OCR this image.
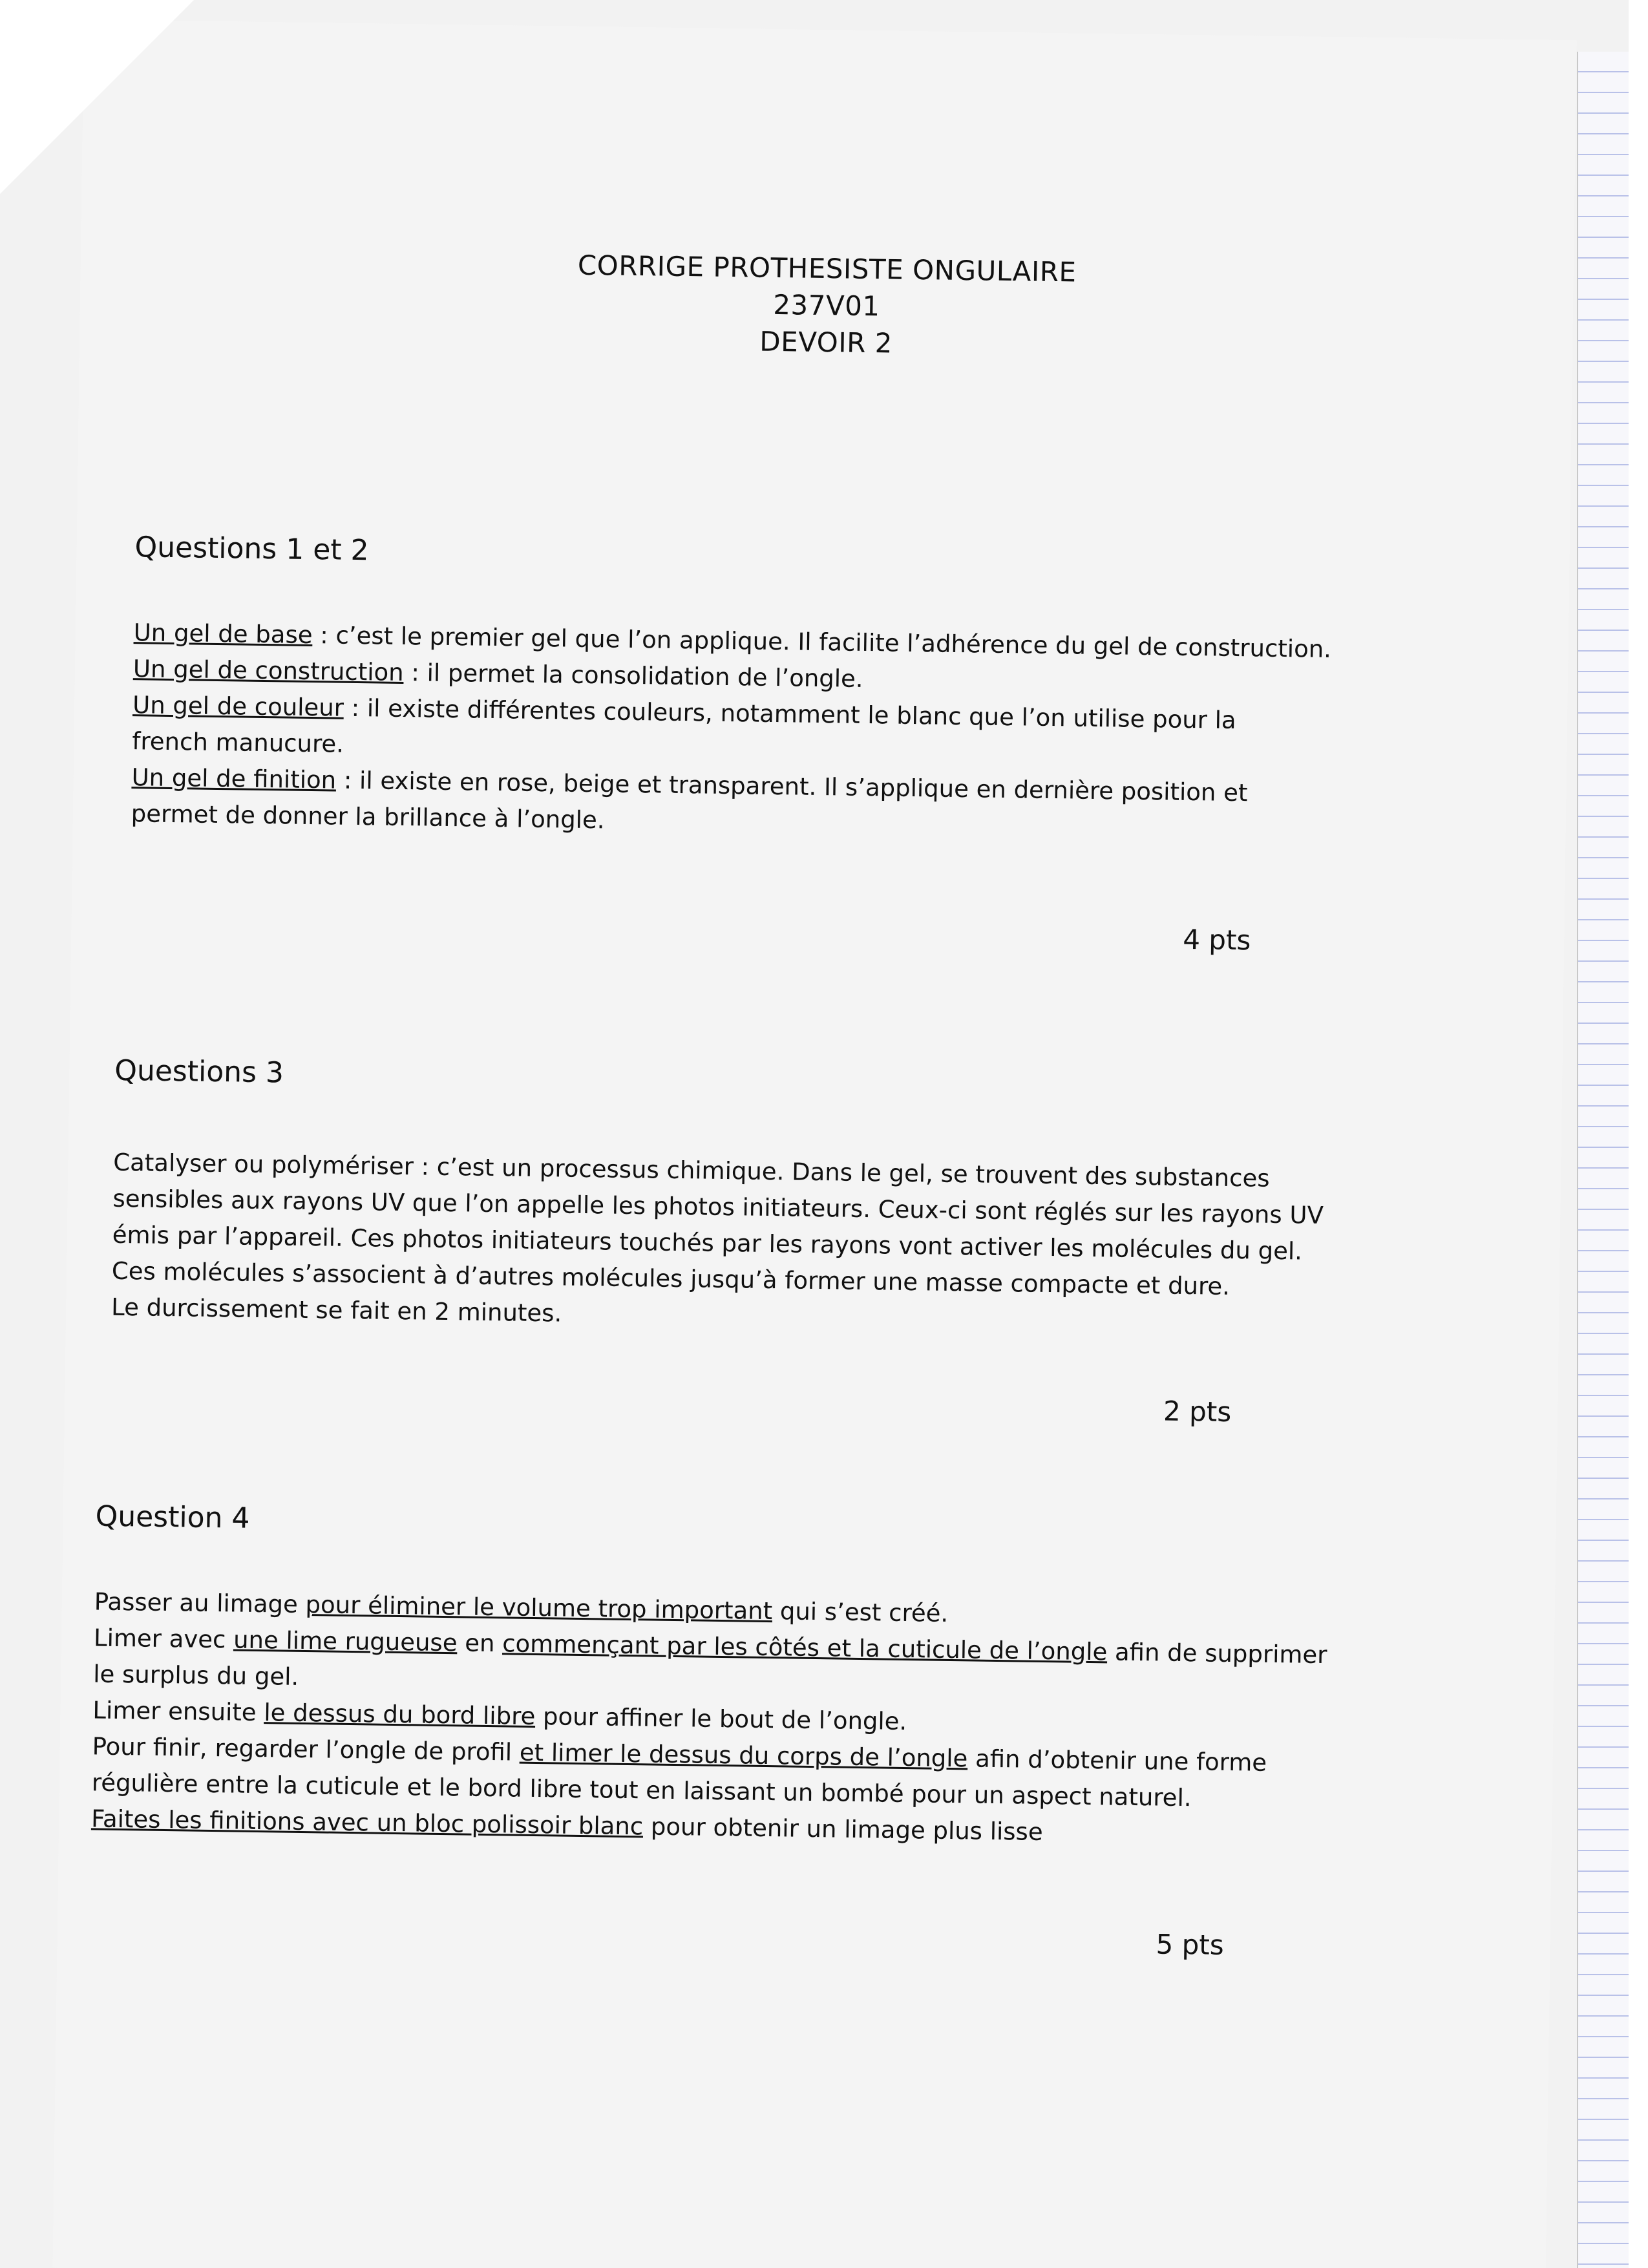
CORRIGE PROTHESISTE ONGULAIRE
237V01
DEVOIR 2
Questions 1 et 2

Un gel de base : c’est le premier gel que l’on applique. Il facilite l’adhérence du gel de construction.

Un gel de construction : il permet la consolidation de l’ongle.

Un gel de couleur : il existe différentes couleurs, notamment le blanc que l’on utilise pour la french manucure.

Un gel de finition : il existe en rose, beige et transparent. Il s’applique en dernière position et permet de donner la brillance à l’ongle.

4 pts
Questions 3

Catalyser ou polymériser : c’est un processus chimique. Dans le gel, se trouvent des substances

sensibles aux rayons UV que l’on appelle les photos initiateurs. Ceux-ci sont réglés sur les rayons UV

émis par l’appareil. Ces photos initiateurs touchés par les rayons vont activer les molécules du gel.

Ces molécules s’associent à d’autres molécules jusqu’à former une masse compacte et dure.

Le durcissement se fait en 2 minutes.

2 pts
Question 4

Passer au limage pour éliminer le volume trop important qui s’est créé.

Limer avec une lime rugueuse en commençant par les côtés et la cuticule de l’ongle afin de supprimer

le surplus du gel.

Limer ensuite le dessus du bord libre pour affiner le bout de l’ongle.

Pour finir, regarder l’ongle de profil et limer le dessus du corps de l’ongle afin d’obtenir une forme

régulière entre la cuticule et le bord libre tout en laissant un bombé pour un aspect naturel.

Faites les finitions avec un bloc polissoir blanc pour obtenir un limage plus lisse

5 pts
